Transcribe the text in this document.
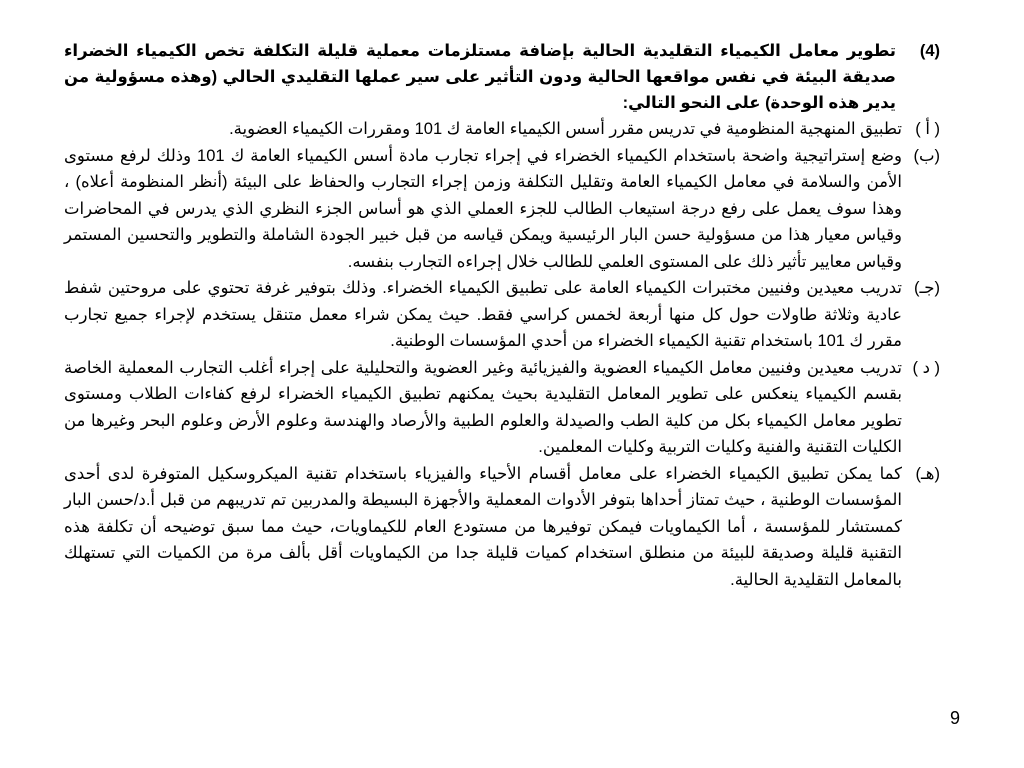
(4)
تطوير معامل الكيمياء التقليدية الحالية بإضافة مستلزمات معملية قليلة التكلفة تخص الكيمياء الخضراء صديقة البيئة في نفس مواقعها الحالية ودون التأثير على سير عملها التقليدي الحالي (وهذه مسؤولية من يدير هذه الوحدة) على النحو التالي:
( أ )
تطبيق المنهجية المنظومية في تدريس مقرر أسس الكيمياء العامة ك 101 ومقررات الكيمياء العضوية.
(ب)
وضع إستراتيجية واضحة باستخدام الكيمياء الخضراء في إجراء تجارب مادة أسس الكيمياء العامة ك 101 وذلك لرفع مستوى الأمن والسلامة في معامل الكيمياء العامة وتقليل التكلفة وزمن إجراء التجارب والحفاظ على البيئة (أنظر المنظومة أعلاه) ، وهذا سوف يعمل على رفع درجة استيعاب الطالب للجزء العملي الذي هو أساس الجزء النظري الذي يدرس في المحاضرات وقياس معيار هذا من مسؤولية حسن البار الرئيسية ويمكن قياسه من قبل خبير الجودة الشاملة والتطوير والتحسين المستمر وقياس معايير تأثير ذلك على المستوى العلمي للطالب خلال إجراءه التجارب بنفسه.
(جـ)
تدريب معيدين وفنيين مختبرات الكيمياء العامة على تطبيق الكيمياء الخضراء. وذلك بتوفير غرفة تحتوي على مروحتين شفط عادية وثلاثة طاولات حول كل منها أربعة لخمس كراسي فقط. حيث يمكن شراء معمل متنقل يستخدم لإجراء جميع تجارب مقرر ك 101 باستخدام تقنية الكيمياء الخضراء من أحدي المؤسسات الوطنية.
( د )
تدريب معيدين وفنيين معامل الكيمياء العضوية والفيزيائية وغير العضوية والتحليلية على إجراء أغلب التجارب المعملية الخاصة بقسم الكيمياء ينعكس على تطوير المعامل التقليدية بحيث يمكنهم تطبيق الكيمياء الخضراء لرفع كفاءات الطلاب ومستوى تطوير معامل الكيمياء بكل من كلية الطب والصيدلة والعلوم الطبية والأرصاد والهندسة وعلوم الأرض وعلوم البحر وغيرها من الكليات التقنية والفنية وكليات التربية وكليات المعلمين.
(هـ)
كما يمكن تطبيق الكيمياء الخضراء على معامل أقسام الأحياء والفيزياء باستخدام تقنية الميكروسكيل المتوفرة لدى أحدى المؤسسات الوطنية ، حيث تمتاز أحداها بتوفر الأدوات المعملية والأجهزة البسيطة والمدربين تم تدريبهم من قبل أ.د/حسن البار كمستشار للمؤسسة ، أما الكيماويات فيمكن توفيرها من مستودع العام للكيماويات، حيث مما سبق توضيحه أن تكلفة هذه التقنية قليلة وصديقة للبيئة من منطلق استخدام كميات قليلة جدا من الكيماويات أقل بألف مرة من الكميات التي تستهلك بالمعامل التقليدية الحالية.
9
